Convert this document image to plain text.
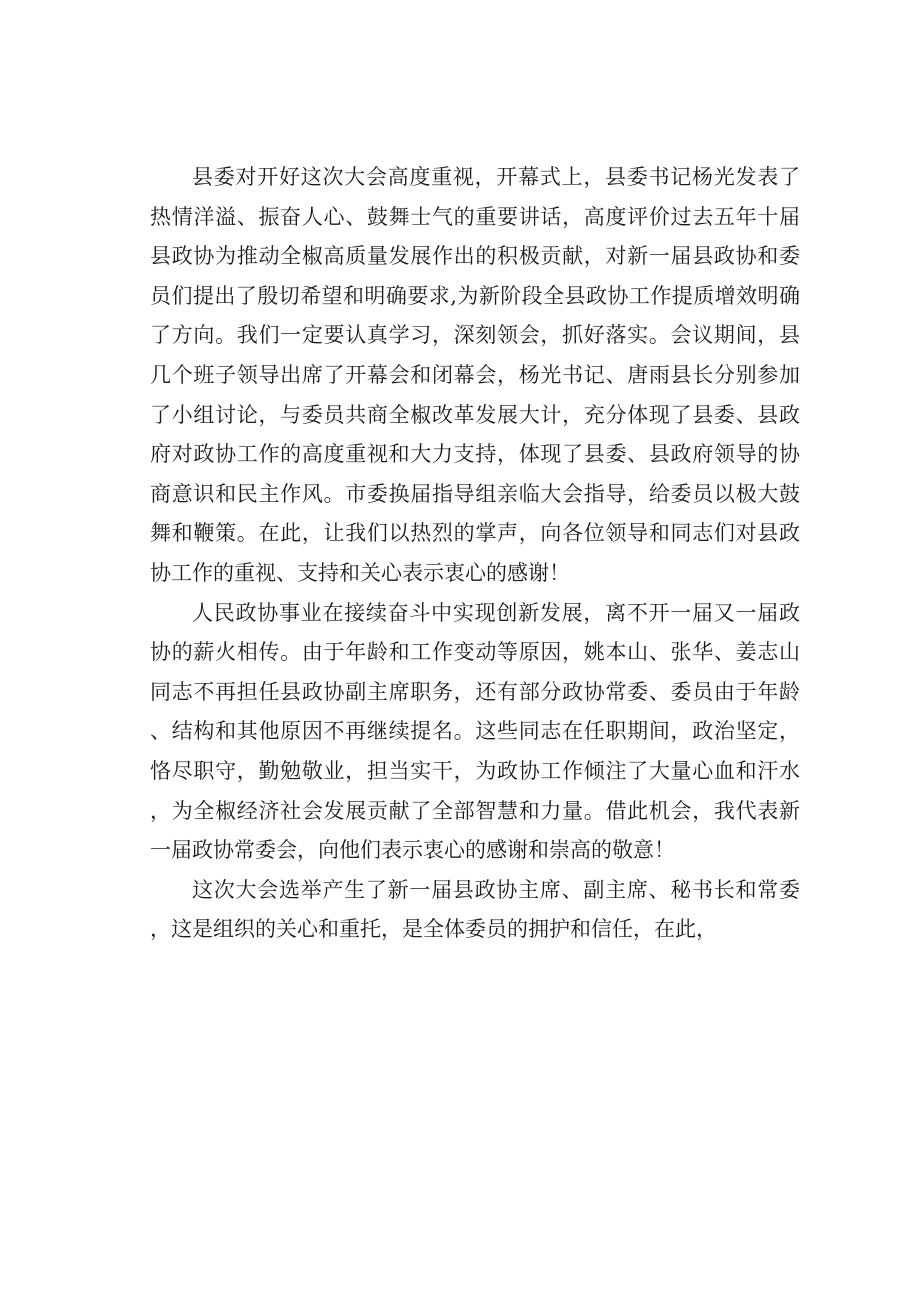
县委对开好这次大会高度重视，开幕式上，县委书记杨光发表了热情洋溢、振奋人心、鼓舞士气的重要讲话，高度评价过去五年十届县政协为推动全椒高质量发展作出的积极贡献，对新一届县政协和委员们提出了殷切希望和明确要求,为新阶段全县政协工作提质增效明确了方向。我们一定要认真学习，深刻领会，抓好落实。会议期间，县几个班子领导出席了开幕会和闭幕会，杨光书记、唐雨县长分别参加了小组讨论，与委员共商全椒改革发展大计，充分体现了县委、县政府对政协工作的高度重视和大力支持，体现了县委、县政府领导的协商意识和民主作风。市委换届指导组亲临大会指导，给委员以极大鼓舞和鞭策。在此，让我们以热烈的掌声，向各位领导和同志们对县政协工作的重视、支持和关心表示衷心的感谢！

人民政协事业在接续奋斗中实现创新发展，离不开一届又一届政协的薪火相传。由于年龄和工作变动等原因，姚本山、张华、姜志山同志不再担任县政协副主席职务，还有部分政协常委、委员由于年龄、结构和其他原因不再继续提名。这些同志在任职期间，政治坚定，恪尽职守，勤勉敬业，担当实干，为政协工作倾注了大量心血和汗水，为全椒经济社会发展贡献了全部智慧和力量。借此机会，我代表新一届政协常委会，向他们表示衷心的感谢和崇高的敬意！

这次大会选举产生了新一届县政协主席、副主席、秘书长和常委，这是组织的关心和重托，是全体委员的拥护和信任，在此，
